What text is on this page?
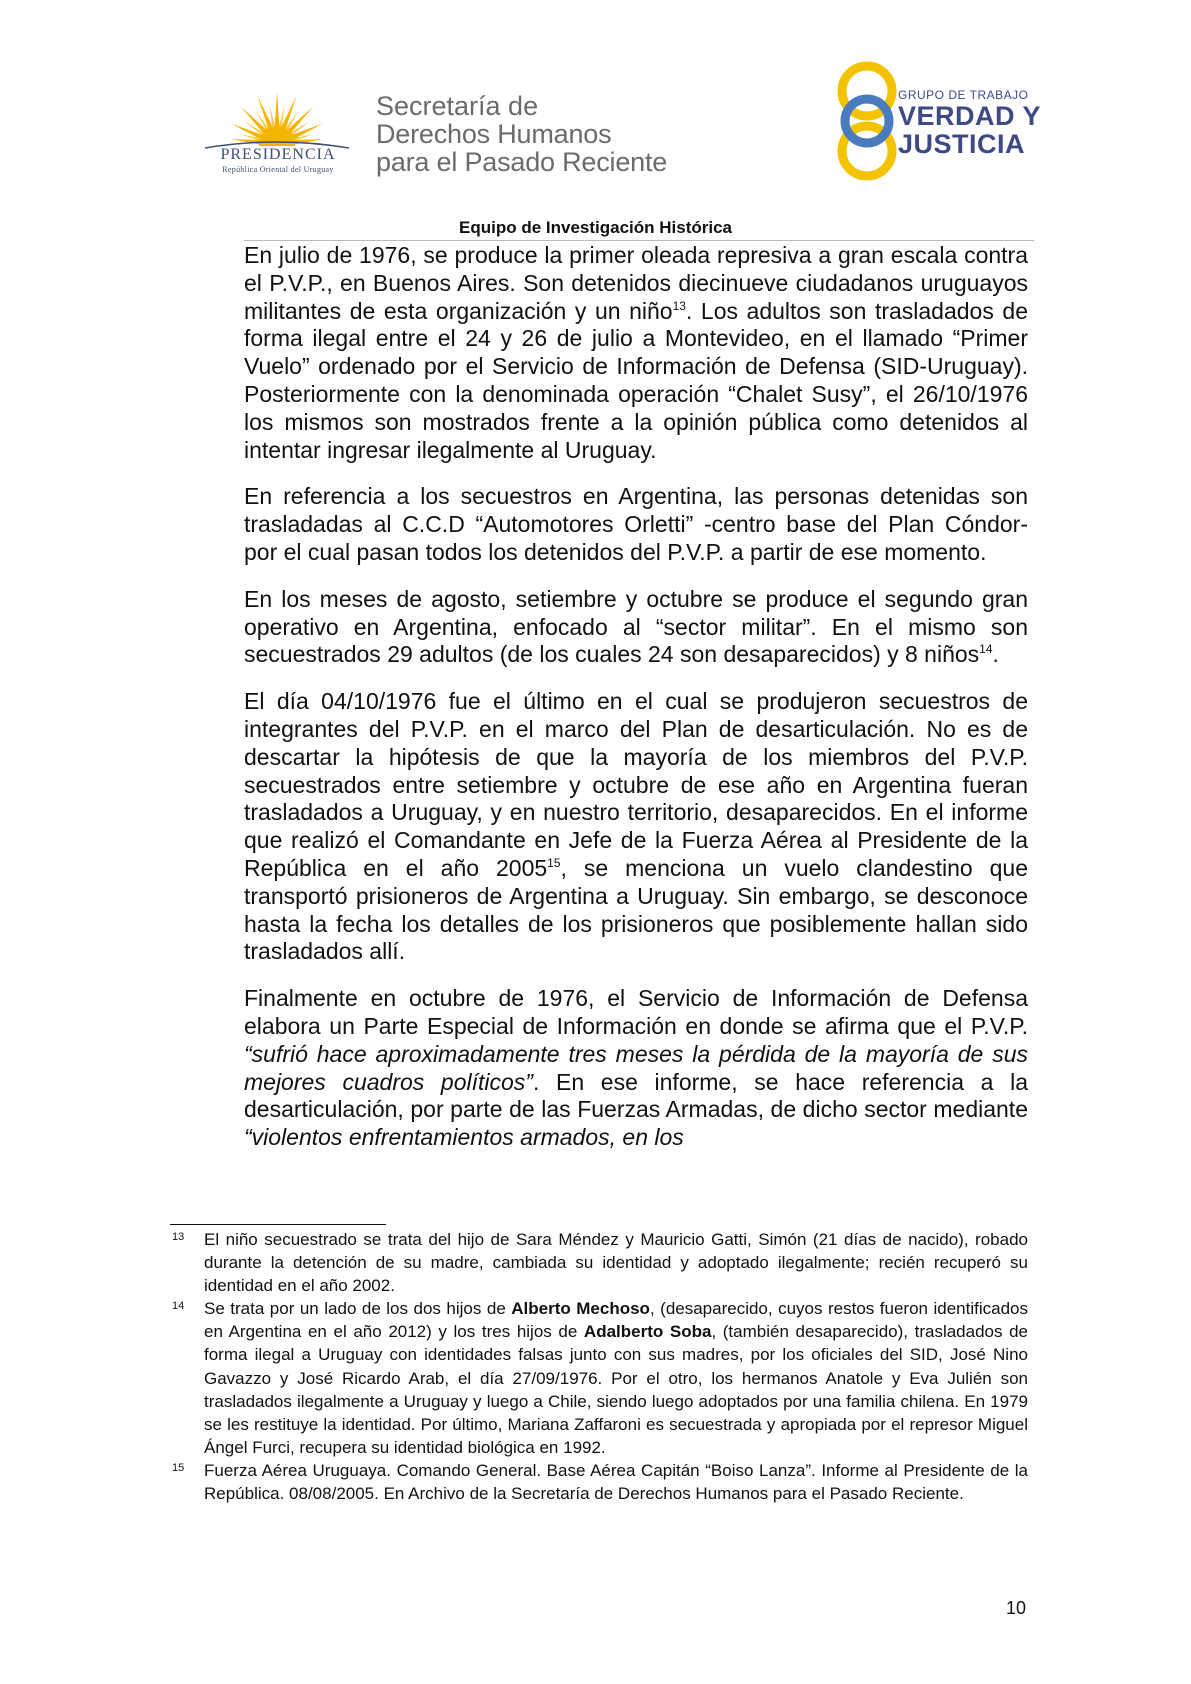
PRESIDENCIA
República Oriental del Uruguay
Secretaría de
Derechos Humanos
para el Pasado Reciente
GRUPO DE TRABAJO
VERDAD Y
JUSTICIA
Equipo de Investigación Histórica

En julio de 1976, se produce la primer oleada represiva a gran escala contra el P.V.P., en Buenos Aires. Son detenidos diecinueve ciudadanos uruguayos militantes de esta organización y un niño$^{13}$. Los adultos son trasladados de forma ilegal entre el 24 y 26 de julio a Montevideo, en el llamado “Primer Vuelo” ordenado por el Servicio de Información de Defensa (SID-Uruguay). Posteriormente con la denominada operación “Chalet Susy”, el 26/10/1976 los mismos son mostrados frente a la opinión pública como detenidos al intentar ingresar ilegalmente al Uruguay.

En referencia a los secuestros en Argentina, las personas detenidas son trasladadas al C.C.D “Automotores Orletti” -centro base del Plan Cóndor- por el cual pasan todos los detenidos del P.V.P. a partir de ese momento.

En los meses de agosto, setiembre y octubre se produce el segundo gran operativo en Argentina, enfocado al “sector militar”. En el mismo son secuestrados 29 adultos (de los cuales 24 son desaparecidos) y 8 niños$^{14}$.

El día 04/10/1976 fue el último en el cual se produjeron secuestros de integrantes del P.V.P. en el marco del Plan de desarticulación. No es de descartar la hipótesis de que la mayoría de los miembros del P.V.P. secuestrados entre setiembre y octubre de ese año en Argentina fueran trasladados a Uruguay, y en nuestro territorio, desaparecidos. En el informe que realizó el Comandante en Jefe de la Fuerza Aérea al Presidente de la República en el año 2005$^{15}$, se menciona un vuelo clandestino que transportó prisioneros de Argentina a Uruguay. Sin embargo, se desconoce hasta la fecha los detalles de los prisioneros que posiblemente hallan sido trasladados allí.

Finalmente en octubre de 1976, el Servicio de Información de Defensa elabora un Parte Especial de Información en donde se afirma que el P.V.P. “sufrió hace aproximadamente tres meses la pérdida de la mayoría de sus mejores cuadros políticos”. En ese informe, se hace referencia a la desarticulación, por parte de las Fuerzas Armadas, de dicho sector mediante “violentos enfrentamientos armados, en los

13 El niño secuestrado se trata del hijo de Sara Méndez y Mauricio Gatti, Simón (21 días de nacido), robado durante la detención de su madre, cambiada su identidad y adoptado ilegalmente; recién recuperó su identidad en el año 2002.
14 Se trata por un lado de los dos hijos de Alberto Mechoso, (desaparecido, cuyos restos fueron identificados en Argentina en el año 2012) y los tres hijos de Adalberto Soba, (también desaparecido), trasladados de forma ilegal a Uruguay con identidades falsas junto con sus madres, por los oficiales del SID, José Nino Gavazzo y José Ricardo Arab, el día 27/09/1976. Por el otro, los hermanos Anatole y Eva Julién son trasladados ilegalmente a Uruguay y luego a Chile, siendo luego adoptados por una familia chilena. En 1979 se les restituye la identidad. Por último, Mariana Zaffaroni es secuestrada y apropiada por el represor Miguel Ángel Furci, recupera su identidad biológica en 1992.
15 Fuerza Aérea Uruguaya. Comando General. Base Aérea Capitán “Boiso Lanza”. Informe al Presidente de la República. 08/08/2005. En Archivo de la Secretaría de Derechos Humanos para el Pasado Reciente.
10
